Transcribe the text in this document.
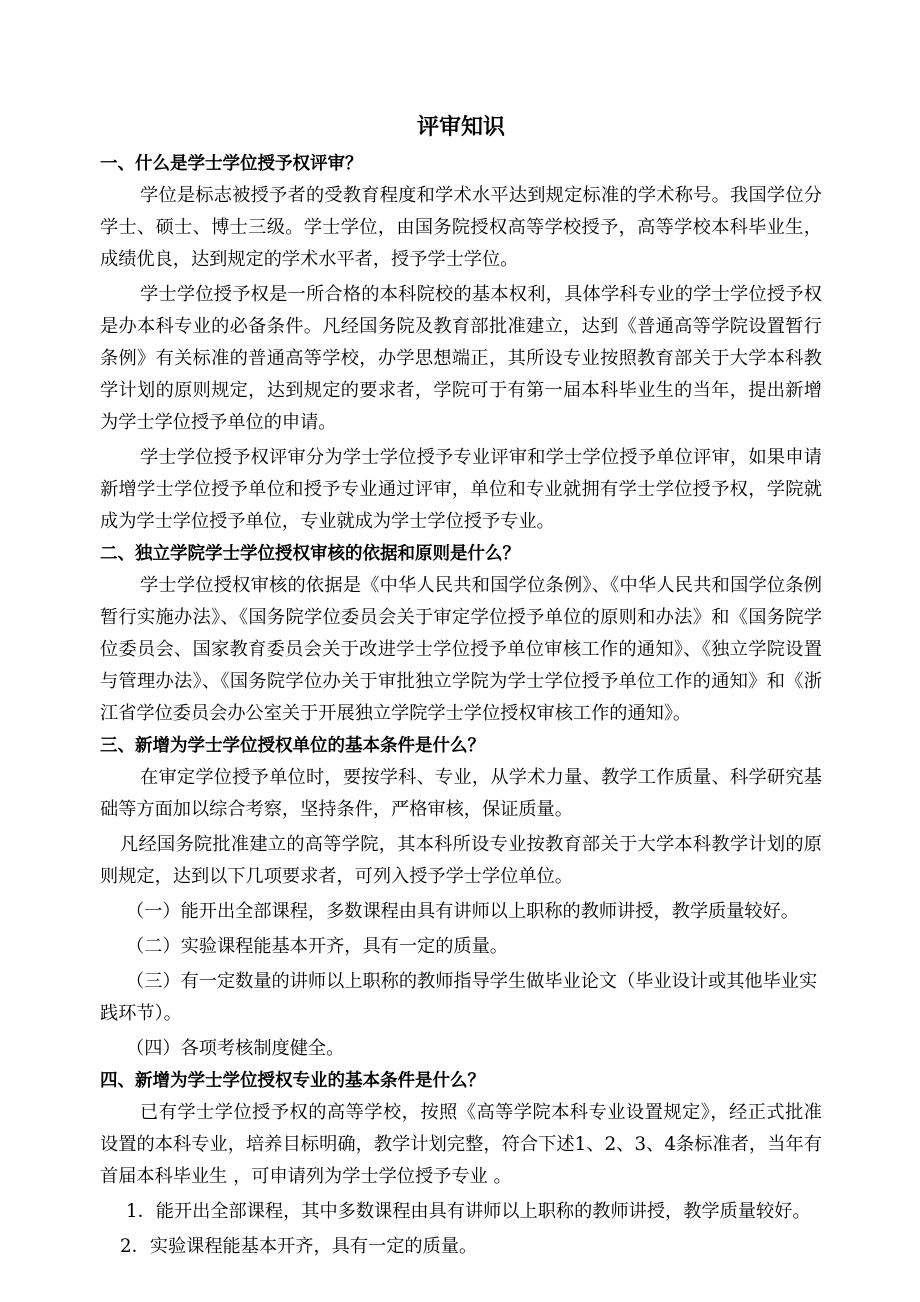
评审知识
一、什么是学士学位授予权评审？

学位是标志被授予者的受教育程度和学术水平达到规定标准的学术称号。我国学位分学士、硕士、博士三级。学士学位，由国务院授权高等学校授予，高等学校本科毕业生，成绩优良，达到规定的学术水平者，授予学士学位。

学士学位授予权是一所合格的本科院校的基本权利，具体学科专业的学士学位授予权是办本科专业的必备条件。凡经国务院及教育部批准建立，达到《普通高等学院设置暂行条例》有关标准的普通高等学校，办学思想端正，其所设专业按照教育部关于大学本科教学计划的原则规定，达到规定的要求者，学院可于有第一届本科毕业生的当年，提出新增为学士学位授予单位的申请。

学士学位授予权评审分为学士学位授予专业评审和学士学位授予单位评审，如果申请新增学士学位授予单位和授予专业通过评审，单位和专业就拥有学士学位授予权，学院就成为学士学位授予单位，专业就成为学士学位授予专业。

二、独立学院学士学位授权审核的依据和原则是什么？

学士学位授权审核的依据是《中华人民共和国学位条例》、《中华人民共和国学位条例暂行实施办法》、《国务院学位委员会关于审定学位授予单位的原则和办法》和《国务院学位委员会、国家教育委员会关于改进学士学位授予单位审核工作的通知》、《独立学院设置与管理办法》、《国务院学位办关于审批独立学院为学士学位授予单位工作的通知》和《浙江省学位委员会办公室关于开展独立学院学士学位授权审核工作的通知》。

三、新增为学士学位授权单位的基本条件是什么？

在审定学位授予单位时，要按学科、专业，从学术力量、教学工作质量、科学研究基础等方面加以综合考察，坚持条件，严格审核，保证质量。

凡经国务院批准建立的高等学院，其本科所设专业按教育部关于大学本科教学计划的原则规定，达到以下几项要求者，可列入授予学士学位单位。

（一）能开出全部课程，多数课程由具有讲师以上职称的教师讲授，教学质量较好。

（二）实验课程能基本开齐，具有一定的质量。

（三）有一定数量的讲师以上职称的教师指导学生做毕业论文（毕业设计或其他毕业实践环节）。

（四）各项考核制度健全。

四、新增为学士学位授权专业的基本条件是什么？

已有学士学位授予权的高等学校，按照《高等学院本科专业设置规定》，经正式批准设置的本科专业，培养目标明确，教学计划完整，符合下述1、2、3、4条标准者，当年有首届本科毕业生 ，可申请列为学士学位授予专业 。

1．能开出全部课程，其中多数课程由具有讲师以上职称的教师讲授，教学质量较好。

2．实验课程能基本开齐，具有一定的质量。
